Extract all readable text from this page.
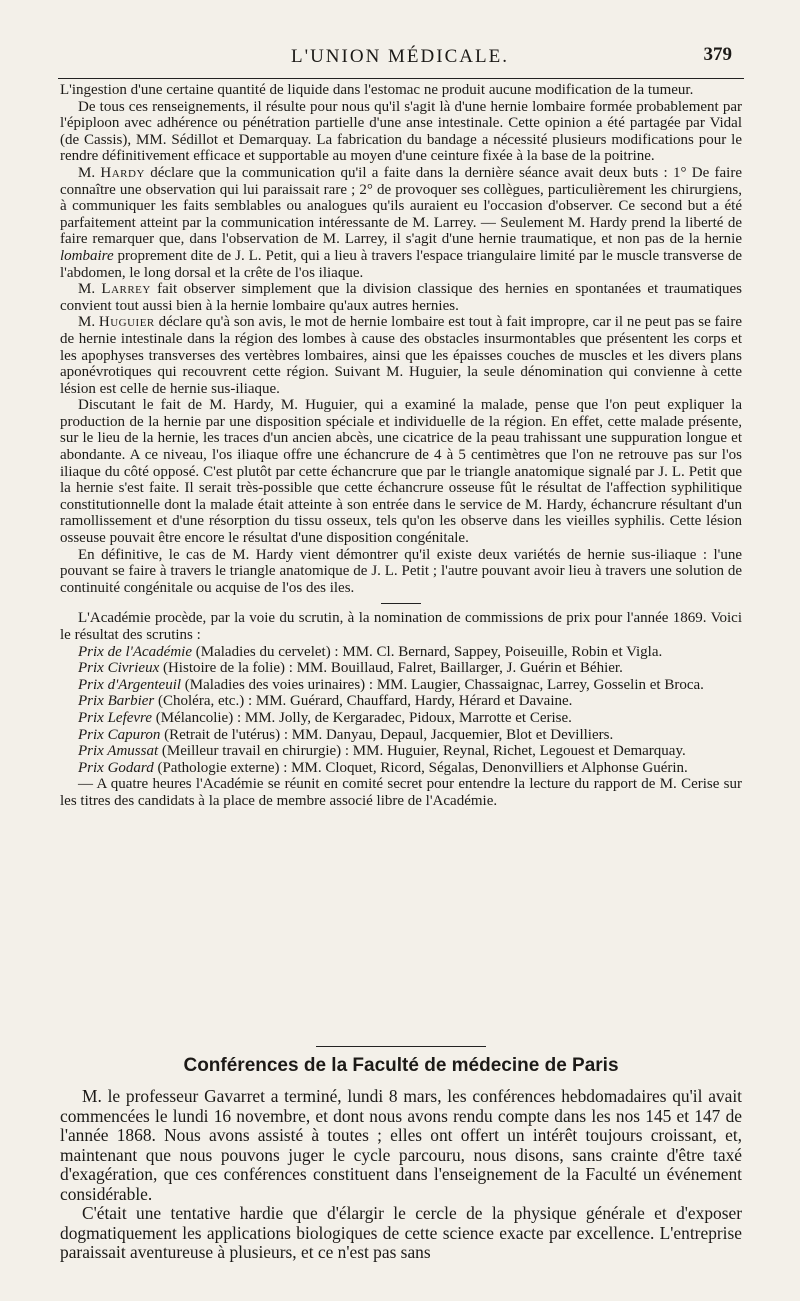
L'UNION MÉDICALE.	379

L'ingestion d'une certaine quantité de liquide dans l'estomac ne produit aucune modification de la tumeur.

De tous ces renseignements, il résulte pour nous qu'il s'agit là d'une hernie lombaire formée probablement par l'épiploon avec adhérence ou pénétration partielle d'une anse intestinale. Cette opinion a été partagée par Vidal (de Cassis), MM. Sédillot et Demarquay. La fabrication du bandage a nécessité plusieurs modifications pour le rendre définitivement efficace et supportable au moyen d'une ceinture fixée à la base de la poitrine.

M. Hardy déclare que la communication qu'il a faite dans la dernière séance avait deux buts : 1° De faire connaître une observation qui lui paraissait rare ; 2° de provoquer ses collègues, particulièrement les chirurgiens, à communiquer les faits semblables ou analogues qu'ils auraient eu l'occasion d'observer. Ce second but a été parfaitement atteint par la communication intéressante de M. Larrey. — Seulement M. Hardy prend la liberté de faire remarquer que, dans l'observation de M. Larrey, il s'agit d'une hernie traumatique, et non pas de la hernie lombaire proprement dite de J. L. Petit, qui a lieu à travers l'espace triangulaire limité par le muscle transverse de l'abdomen, le long dorsal et la crête de l'os iliaque.

M. Larrey fait observer simplement que la division classique des hernies en spontanées et traumatiques convient tout aussi bien à la hernie lombaire qu'aux autres hernies.

M. Huguier déclare qu'à son avis, le mot de hernie lombaire est tout à fait impropre, car il ne peut pas se faire de hernie intestinale dans la région des lombes à cause des obstacles insurmontables que présentent les corps et les apophyses transverses des vertèbres lombaires, ainsi que les épaisses couches de muscles et les divers plans aponévrotiques qui recouvrent cette région. Suivant M. Huguier, la seule dénomination qui convienne à cette lésion est celle de hernie sus-iliaque.

Discutant le fait de M. Hardy, M. Huguier, qui a examiné la malade, pense que l'on peut expliquer la production de la hernie par une disposition spéciale et individuelle de la région. En effet, cette malade présente, sur le lieu de la hernie, les traces d'un ancien abcès, une cicatrice de la peau trahissant une suppuration longue et abondante. A ce niveau, l'os iliaque offre une échancrure de 4 à 5 centimètres que l'on ne retrouve pas sur l'os iliaque du côté opposé. C'est plutôt par cette échancrure que par le triangle anatomique signalé par J. L. Petit que la hernie s'est faite. Il serait très-possible que cette échancrure osseuse fût le résultat de l'affection syphilitique constitutionnelle dont la malade était atteinte à son entrée dans le service de M. Hardy, échancrure résultant d'un ramollissement et d'une résorption du tissu osseux, tels qu'on les observe dans les vieilles syphilis. Cette lésion osseuse pouvait être encore le résultat d'une disposition congénitale.

En définitive, le cas de M. Hardy vient démontrer qu'il existe deux variétés de hernie sus-iliaque : l'une pouvant se faire à travers le triangle anatomique de J. L. Petit ; l'autre pouvant avoir lieu à travers une solution de continuité congénitale ou acquise de l'os des iles.

L'Académie procède, par la voie du scrutin, à la nomination de commissions de prix pour l'année 1869. Voici le résultat des scrutins :

Prix de l'Académie (Maladies du cervelet) : MM. Cl. Bernard, Sappey, Poiseuille, Robin et Vigla.

Prix Civrieux (Histoire de la folie) : MM. Bouillaud, Falret, Baillarger, J. Guérin et Béhier.

Prix d'Argenteuil (Maladies des voies urinaires) : MM. Laugier, Chassaignac, Larrey, Gosselin et Broca.

Prix Barbier (Choléra, etc.) : MM. Guérard, Chauffard, Hardy, Hérard et Davaine.

Prix Lefevre (Mélancolie) : MM. Jolly, de Kergaradec, Pidoux, Marrotte et Cerise.

Prix Capuron (Retrait de l'utérus) : MM. Danyau, Depaul, Jacquemier, Blot et Devilliers.

Prix Amussat (Meilleur travail en chirurgie) : MM. Huguier, Reynal, Richet, Legouest et Demarquay.

Prix Godard (Pathologie externe) : MM. Cloquet, Ricord, Ségalas, Denonvilliers et Alphonse Guérin.

— A quatre heures l'Académie se réunit en comité secret pour entendre la lecture du rapport de M. Cerise sur les titres des candidats à la place de membre associé libre de l'Académie.

Conférences de la Faculté de médecine de Paris

M. le professeur Gavarret a terminé, lundi 8 mars, les conférences hebdomadaires qu'il avait commencées le lundi 16 novembre, et dont nous avons rendu compte dans les nos 145 et 147 de l'année 1868. Nous avons assisté à toutes ; elles ont offert un intérêt toujours croissant, et, maintenant que nous pouvons juger le cycle parcouru, nous disons, sans crainte d'être taxé d'exagération, que ces conférences constituent dans l'enseignement de la Faculté un événement considérable.

C'était une tentative hardie que d'élargir le cercle de la physique générale et d'exposer dogmatiquement les applications biologiques de cette science exacte par excellence. L'entreprise paraissait aventureuse à plusieurs, et ce n'est pas sans
